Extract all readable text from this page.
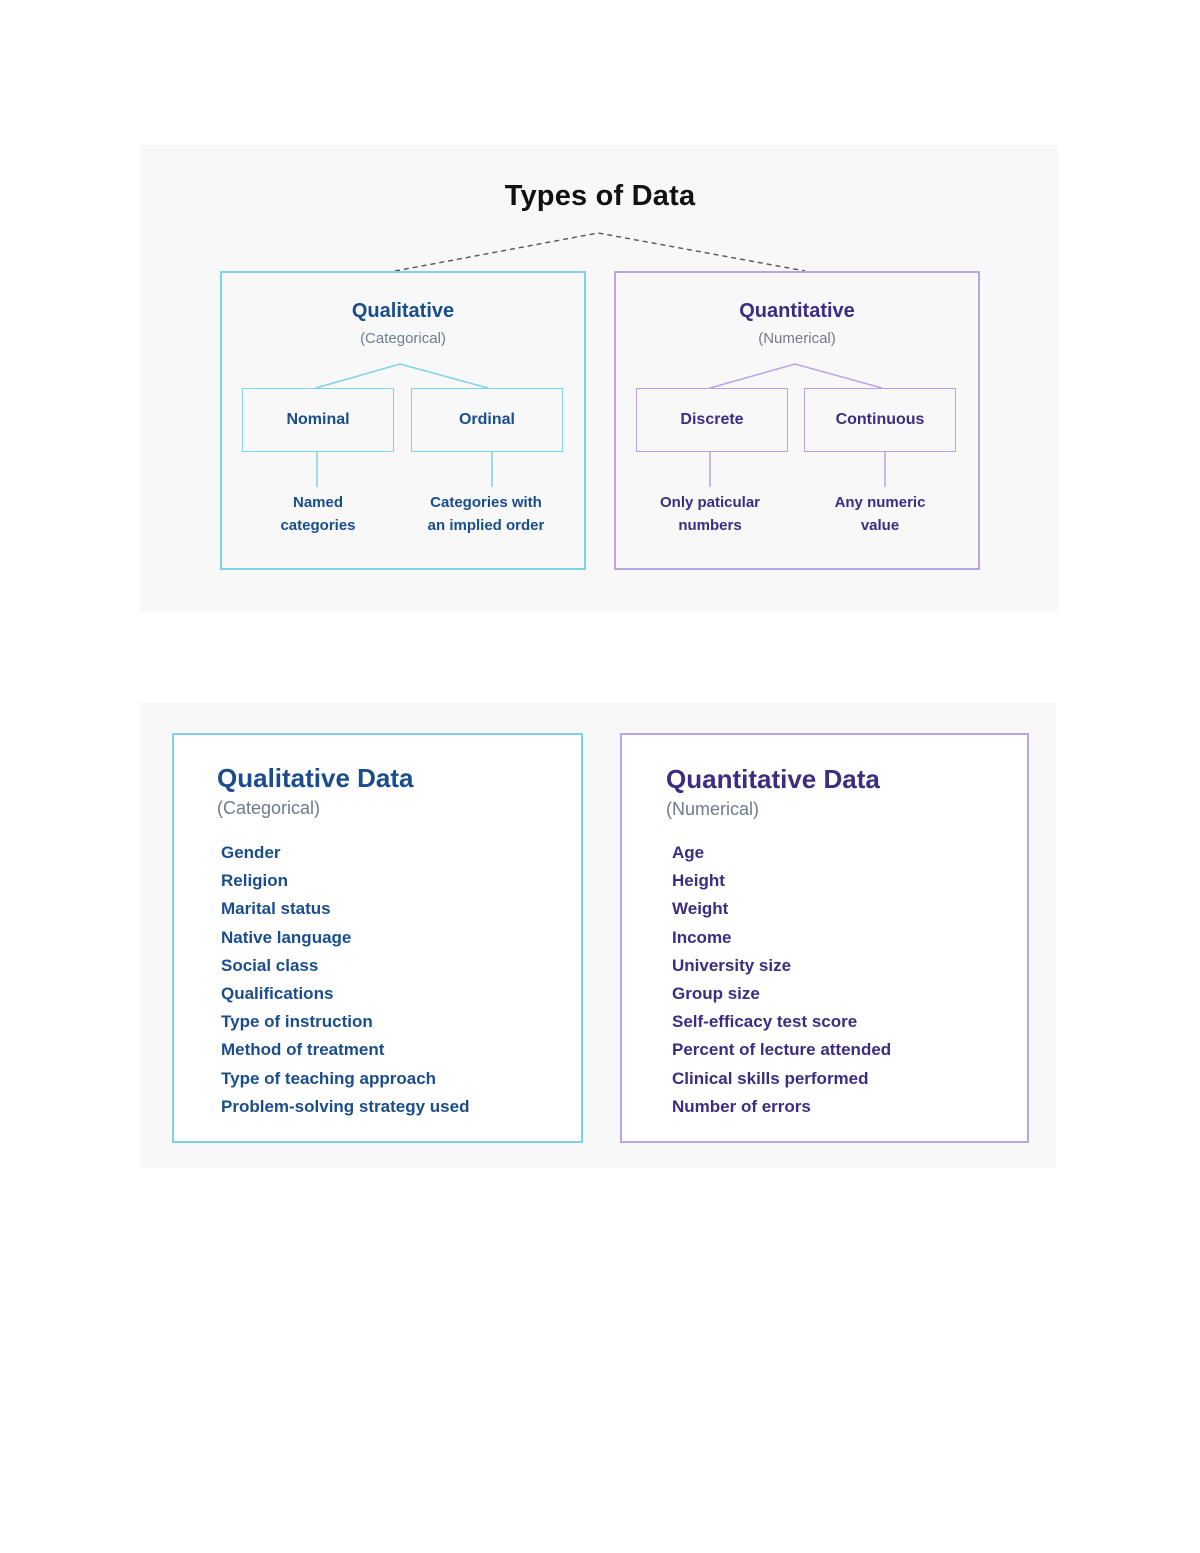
Types of Data
Qualitative
(Categorical)
Nominal	Ordinal
Named
categories
Categories with
an implied order
Quantitative
(Numerical)
Discrete	Continuous
Only paticular
numbers
Any numeric
value
Qualitative Data
(Categorical)
Gender
Religion
Marital status
Native language
Social class
Qualifications
Type of instruction
Method of treatment
Type of teaching approach
Problem-solving strategy used
Quantitative Data
(Numerical)
Age
Height
Weight
Income
University size
Group size
Self-efficacy test score
Percent of lecture attended
Clinical skills performed
Number of errors
